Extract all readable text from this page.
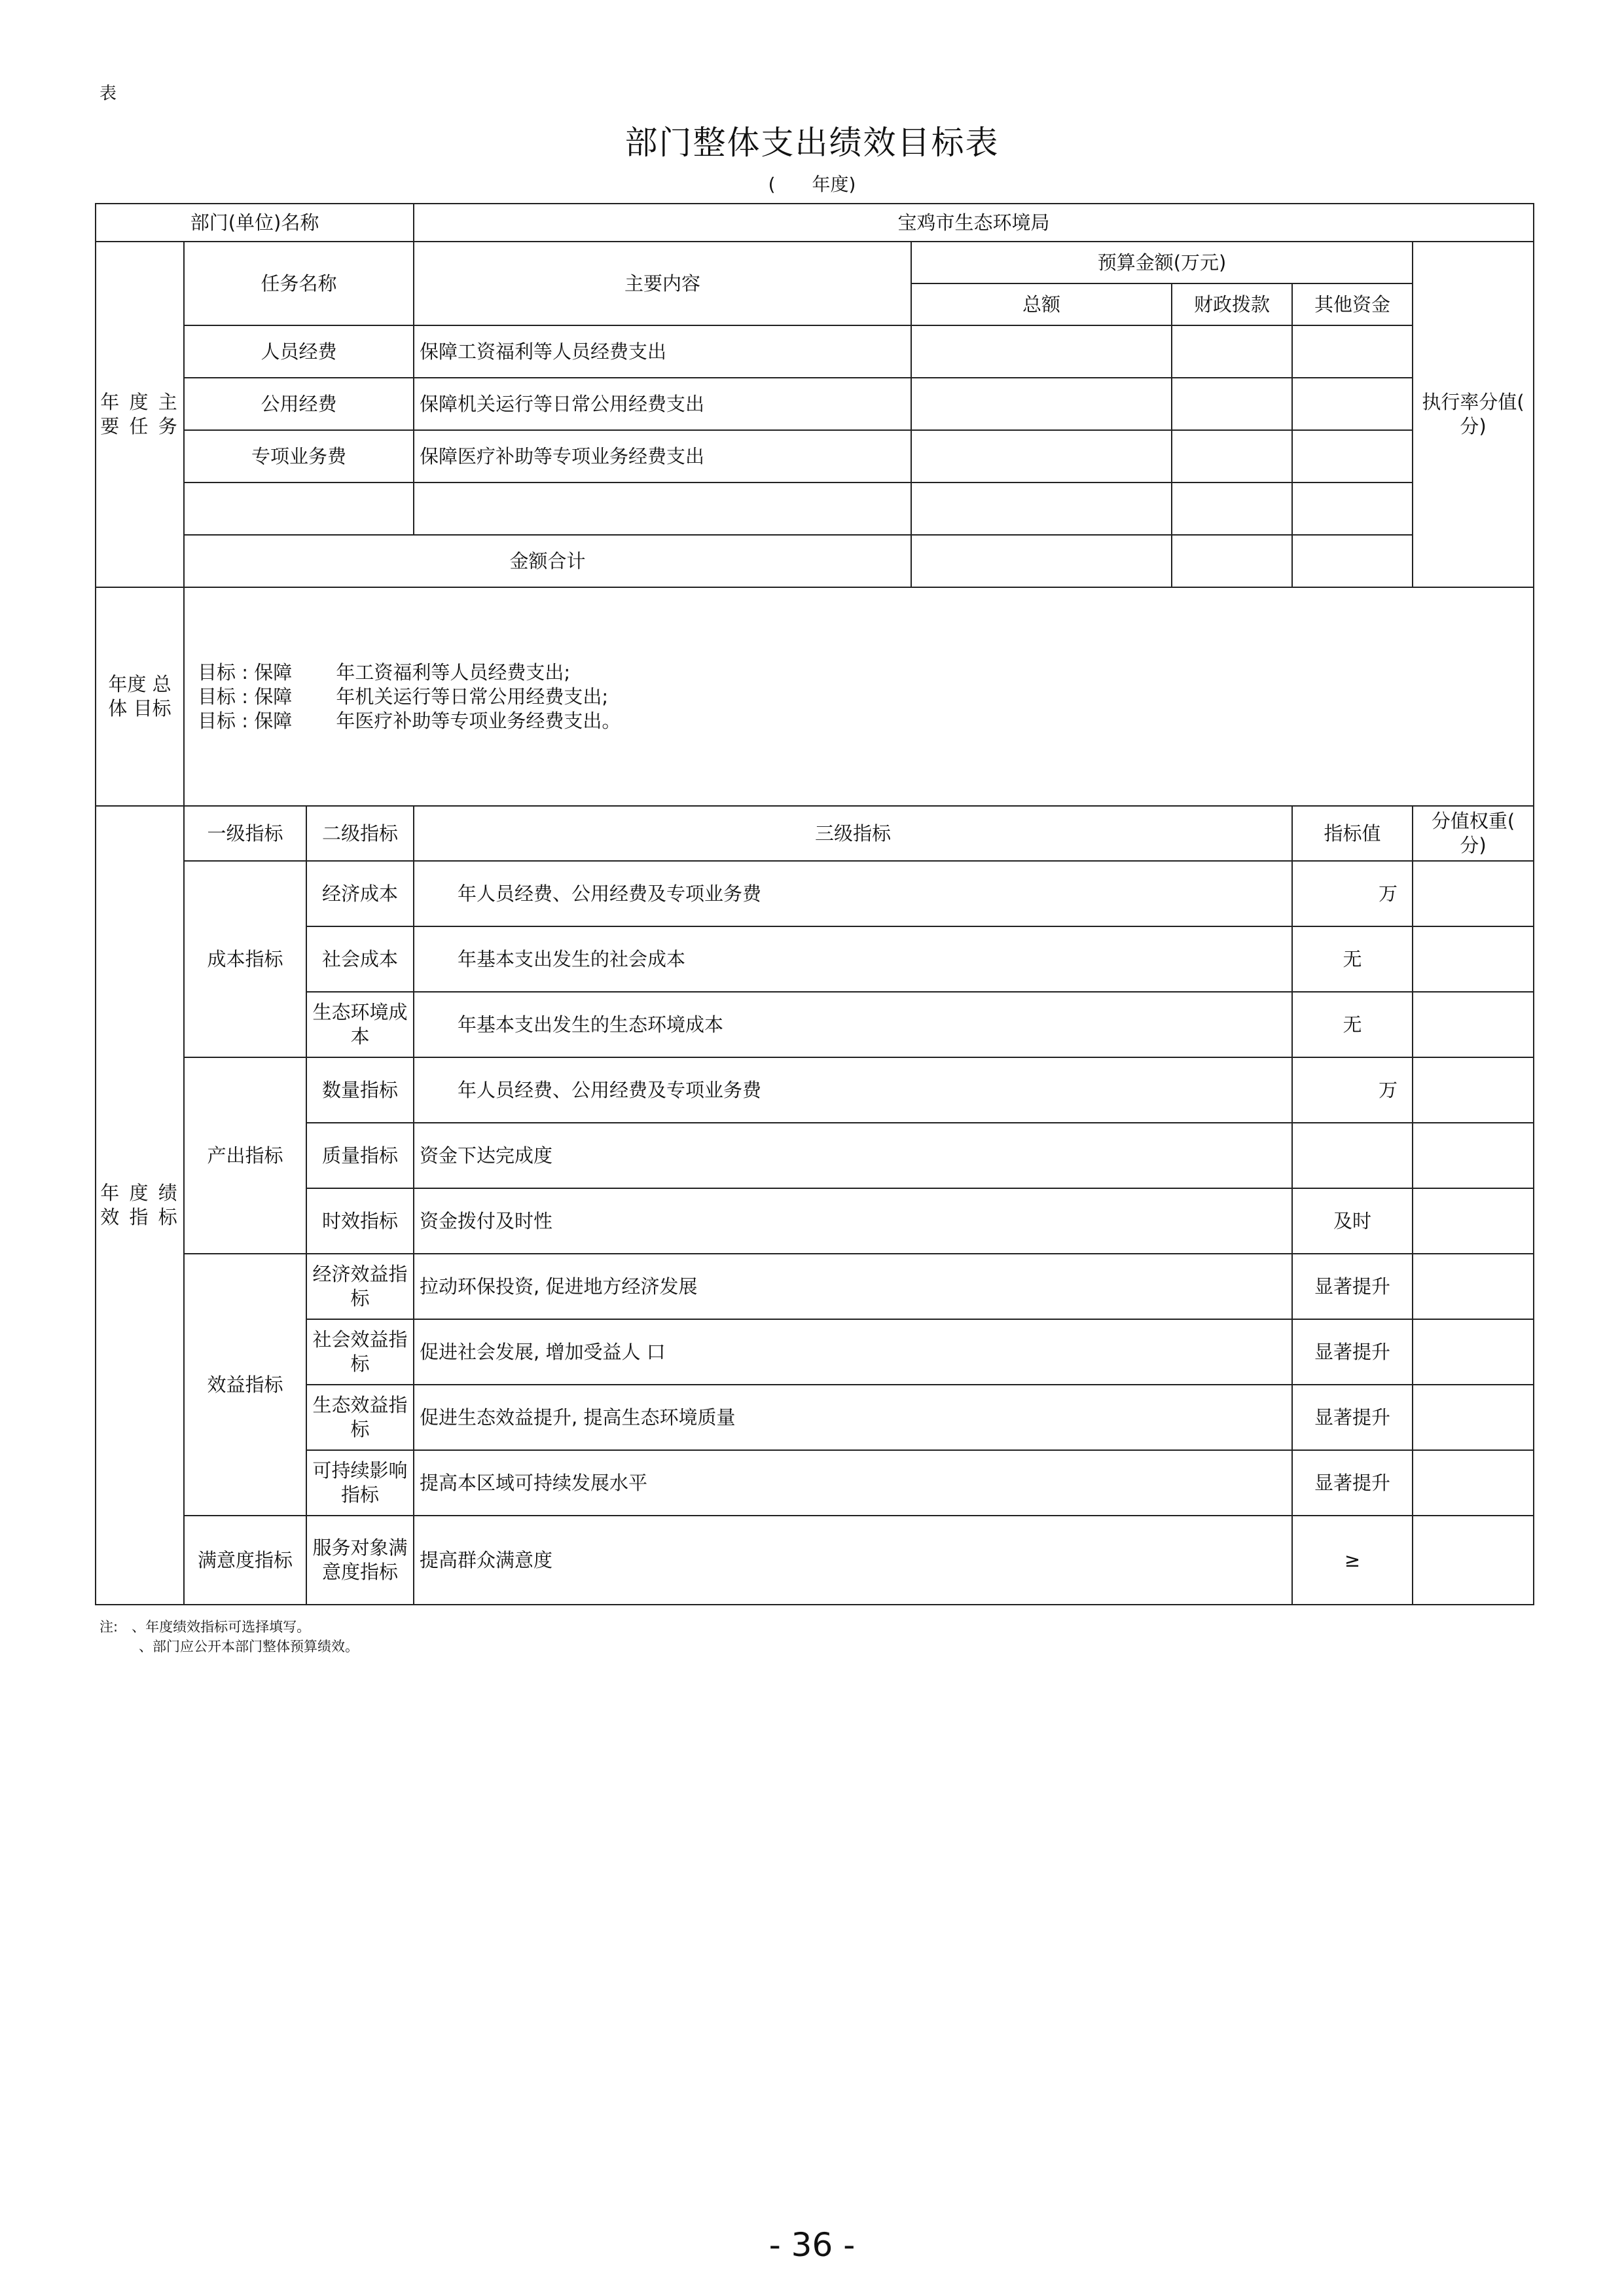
表
部门整体支出绩效目标表
(　　年度)
部门(单位)名称			宝鸡市生态环境局				
年 度 主 要 任 务	任务名称		主要内容	预算金额(万元)			执行率分值(　分)
				总额	财政拨款	其他资金	
	人员经费		保障工资福利等人员经费支出				
	公用经费		保障机关运行等日常公用经费支出				
	专项业务费		保障医疗补助等专项业务经费支出				

	金额合计						

年度 总体 目标	目标 : 保障　　 年工资福利等人员经费支出;
目标 : 保障　　 年机关运行等日常公用经费支出;
目标 : 保障　　 年医疗补助等专项业务经费支出。						

年 度 绩 效 指 标	一级指标	二级指标	三级指标			指标值	分值权重(　分)
	成本指标	经济成本	　　年人员经费、公用经费及专项业务费			万	
		社会成本	　　年基本支出发生的社会成本			无	
		生态环境成本	　　年基本支出发生的生态环境成本			无	
	产出指标	数量指标	　　年人员经费、公用经费及专项业务费			万	
		质量指标	资金下达完成度				
		时效指标	资金拨付及时性			及时	
	效益指标	经济效益指标	拉动环保投资, 促进地方经济发展			显著提升	
		社会效益指标	促进社会发展, 增加受益人 口			显著提升	
		生态效益指标	促进生态效益提升, 提高生态环境质量			显著提升	
		可持续影响指标	提高本区域可持续发展水平			显著提升	
	满意度指标	服务对象满意度指标	提高群众满意度			≥	

注:　、年度绩效指标可选择填写。
、部门应公开本部门整体预算绩效。
- 36 -
